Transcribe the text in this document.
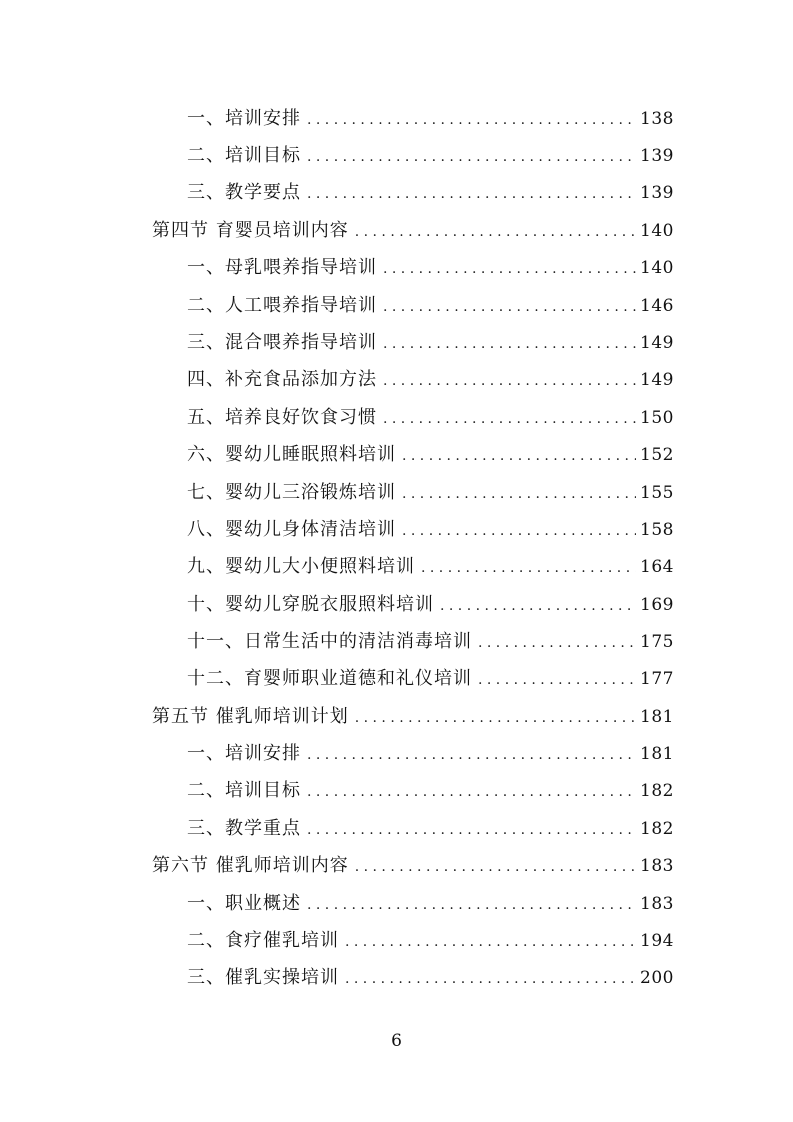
一、培训安排 . . .	138
二、培训目标 . . .	139
三、教学要点 . . .	139
第四节 育婴员培训内容 . . .	140
一、母乳喂养指导培训 . . .	140
二、人工喂养指导培训 . . .	146
三、混合喂养指导培训 . . .	149
四、补充食品添加方法 . . .	149
五、培养良好饮食习惯 . . .	150
六、婴幼儿睡眠照料培训 . . .	152
七、婴幼儿三浴锻炼培训 . . .	155
八、婴幼儿身体清洁培训 . . .	158
九、婴幼儿大小便照料培训 . . .	164
十、婴幼儿穿脱衣服照料培训 . . .	169
十一、日常生活中的清洁消毒培训 . . .	175
十二、育婴师职业道德和礼仪培训 . . .	177
第五节 催乳师培训计划 . . .	181
一、培训安排 . . .	181
二、培训目标 . . .	182
三、教学重点 . . .	182
第六节 催乳师培训内容 . . .	183
一、职业概述 . . .	183
二、食疗催乳培训 . . .	194
三、催乳实操培训 . . .	200
6
